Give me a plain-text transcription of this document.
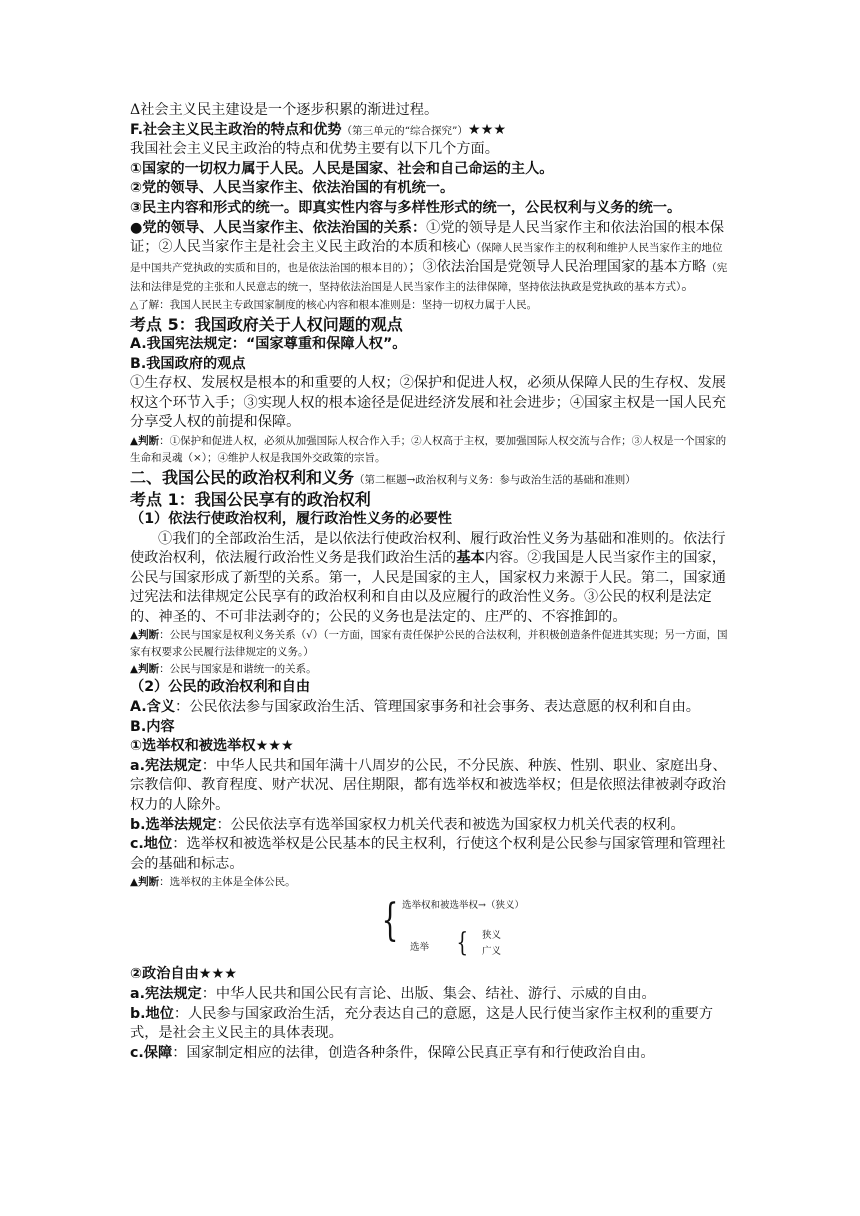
Δ社会主义民主建设是一个逐步积累的渐进过程。
F.社会主义民主政治的特点和优势（第三单元的“综合探究”）★★★
我国社会主义民主政治的特点和优势主要有以下几个方面。
①国家的一切权力属于人民。人民是国家、社会和自己命运的主人。
②党的领导、人民当家作主、依法治国的有机统一。
③民主内容和形式的统一。即真实性内容与多样性形式的统一，公民权利与义务的统一。
●党的领导、人民当家作主、依法治国的关系：①党的领导是人民当家作主和依法治国的根本保证；②人民当家作主是社会主义民主政治的本质和核心（保障人民当家作主的权利和维护人民当家作主的地位是中国共产党执政的实质和目的，也是依法治国的根本目的）；③依法治国是党领导人民治理国家的基本方略（宪法和法律是党的主张和人民意志的统一，坚持依法治国是人民当家作主的法律保障，坚持依法执政是党执政的基本方式）。
△了解：我国人民民主专政国家制度的核心内容和根本准则是：坚持一切权力属于人民。
考点 5：我国政府关于人权问题的观点
A.我国宪法规定：“国家尊重和保障人权”。
B.我国政府的观点
①生存权、发展权是根本的和重要的人权；②保护和促进人权，必须从保障人民的生存权、发展权这个环节入手；③实现人权的根本途径是促进经济发展和社会进步；④国家主权是一国人民充分享受人权的前提和保障。
▲判断：①保护和促进人权，必须从加强国际人权合作入手；②人权高于主权，要加强国际人权交流与合作；③人权是一个国家的生命和灵魂（×）；④维护人权是我国外交政策的宗旨。
二、我国公民的政治权利和义务（第二框题→政治权利与义务：参与政治生活的基础和准则）
考点 1：我国公民享有的政治权利
（1）依法行使政治权利，履行政治性义务的必要性
①我们的全部政治生活，是以依法行使政治权利、履行政治性义务为基础和准则的。依法行使政治权利，依法履行政治性义务是我们政治生活的基本内容。②我国是人民当家作主的国家，公民与国家形成了新型的关系。第一，人民是国家的主人，国家权力来源于人民。第二，国家通过宪法和法律规定公民享有的政治权利和自由以及应履行的政治性义务。③公民的权利是法定的、神圣的、不可非法剥夺的；公民的义务也是法定的、庄严的、不容推卸的。
▲判断：公民与国家是权利义务关系（√）（一方面，国家有责任保护公民的合法权利，并积极创造条件促进其实现；另一方面，国家有权要求公民履行法律规定的义务。）
▲判断：公民与国家是和谐统一的关系。
（2）公民的政治权利和自由
A.含义：公民依法参与国家政治生活、管理国家事务和社会事务、表达意愿的权利和自由。
B.内容
①选举权和被选举权★★★
a.宪法规定：中华人民共和国年满十八周岁的公民，不分民族、种族、性别、职业、家庭出身、宗教信仰、教育程度、财产状况、居住期限，都有选举权和被选举权；但是依照法律被剥夺政治权力的人除外。
b.选举法规定：公民依法享有选举国家权力机关代表和被选为国家权力机关代表的权利。
c.地位：选举权和被选举权是公民基本的民主权利，行使这个权利是公民参与国家管理和管理社会的基础和标志。
▲判断：选举权的主体是全体公民。
{ 选举权和被选举权→（狭义）
选举 { 狭义
广义
②政治自由★★★
a.宪法规定：中华人民共和国公民有言论、出版、集会、结社、游行、示威的自由。
b.地位：人民参与国家政治生活，充分表达自己的意愿，这是人民行使当家作主权利的重要方式，是社会主义民主的具体表现。
c.保障：国家制定相应的法律，创造各种条件，保障公民真正享有和行使政治自由。
